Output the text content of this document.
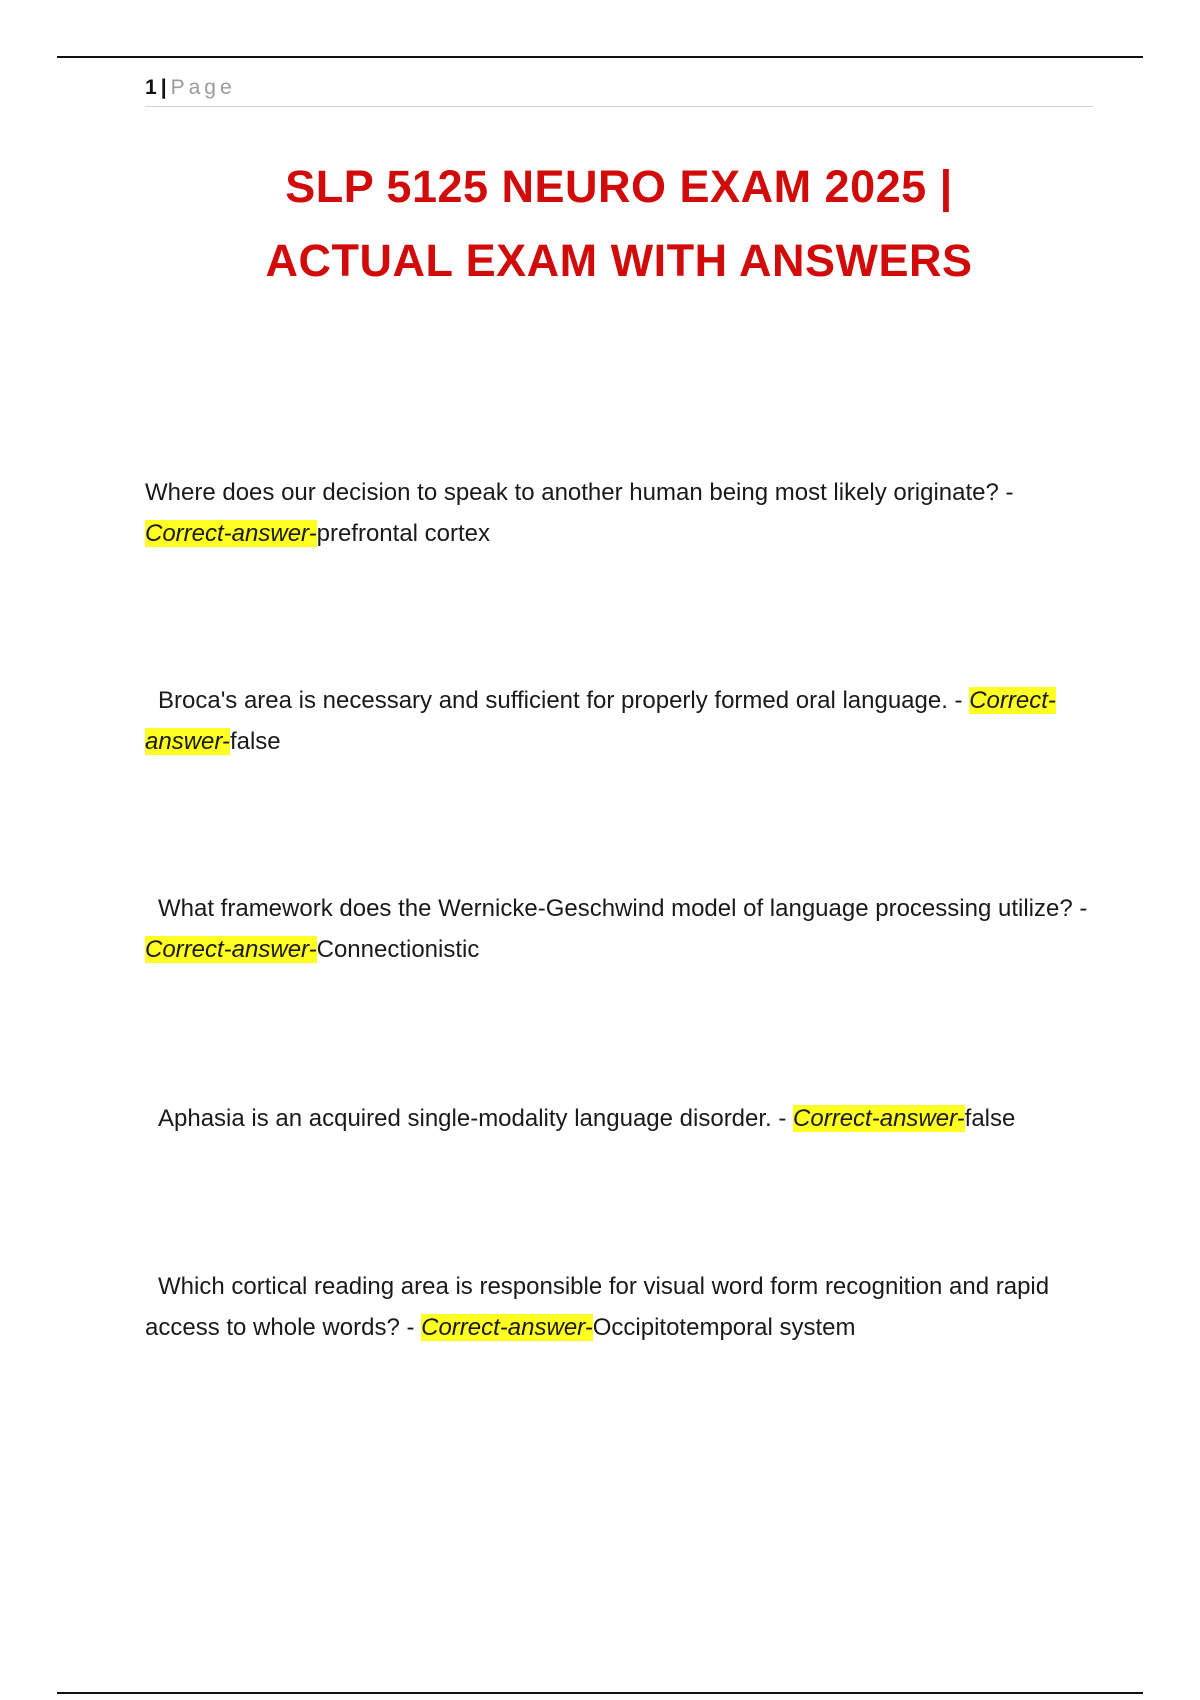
1 | Page
SLP 5125 NEURO EXAM 2025 |
ACTUAL EXAM WITH ANSWERS

Where does our decision to speak to another human being most likely originate? - Correct-answer-prefrontal cortex

Broca's area is necessary and sufficient for properly formed oral language. - Correct-answer-false

What framework does the Wernicke-Geschwind model of language processing utilize? - Correct-answer-Connectionistic

Aphasia is an acquired single-modality language disorder. - Correct-answer-false

Which cortical reading area is responsible for visual word form recognition and rapid access to whole words? - Correct-answer-Occipitotemporal system
